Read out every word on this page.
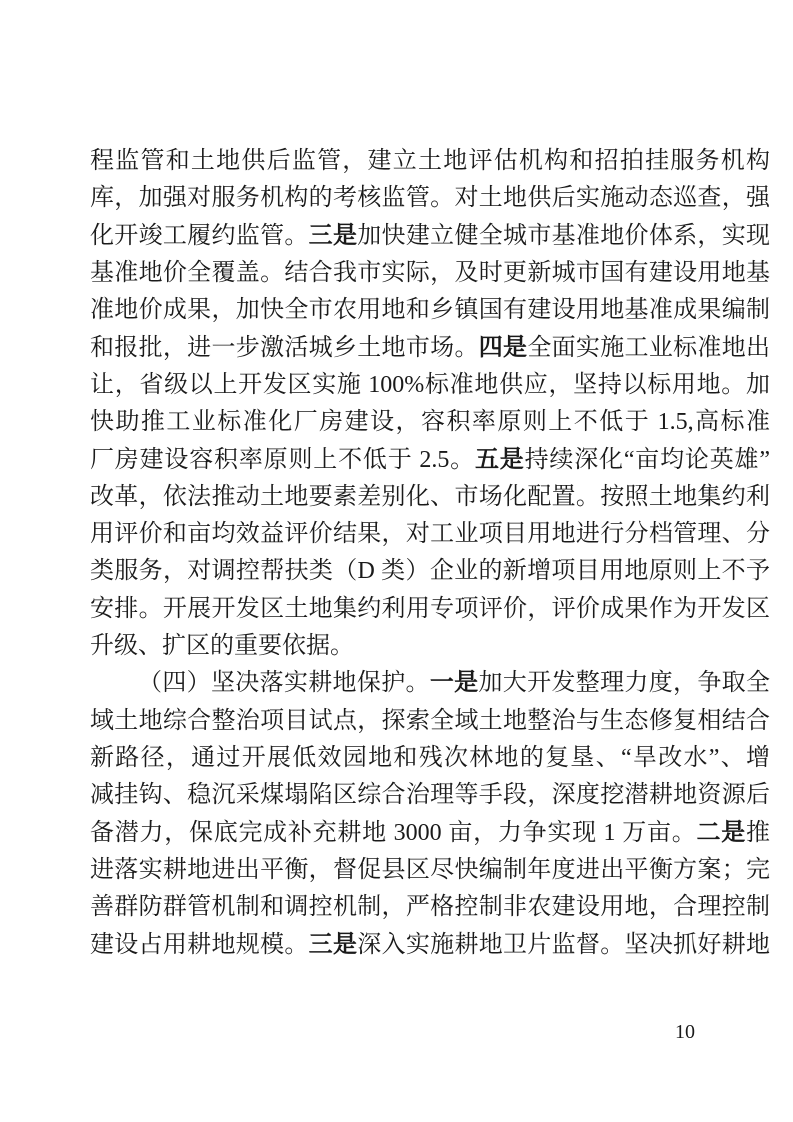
程监管和土地供后监管，建立土地评估机构和招拍挂服务机构
库，加强对服务机构的考核监管。对土地供后实施动态巡查，强
化开竣工履约监管。三是加快建立健全城市基准地价体系，实现
基准地价全覆盖。结合我市实际，及时更新城市国有建设用地基
准地价成果，加快全市农用地和乡镇国有建设用地基准成果编制
和报批，进一步激活城乡土地市场。四是全面实施工业标准地出
让，省级以上开发区实施 100%标准地供应，坚持以标用地。加
快助推工业标准化厂房建设，容积率原则上不低于 1.5,高标准
厂房建设容积率原则上不低于 2.5。五是持续深化“亩均论英雄”
改革，依法推动土地要素差别化、市场化配置。按照土地集约利
用评价和亩均效益评价结果，对工业项目用地进行分档管理、分
类服务，对调控帮扶类（D 类）企业的新增项目用地原则上不予
安排。开展开发区土地集约利用专项评价，评价成果作为开发区
升级、扩区的重要依据。
（四）坚决落实耕地保护。一是加大开发整理力度，争取全
域土地综合整治项目试点，探索全域土地整治与生态修复相结合
新路径，通过开展低效园地和残次林地的复垦、“旱改水”、增
减挂钩、稳沉采煤塌陷区综合治理等手段，深度挖潜耕地资源后
备潜力，保底完成补充耕地 3000 亩，力争实现 1 万亩。二是推
进落实耕地进出平衡，督促县区尽快编制年度进出平衡方案；完
善群防群管机制和调控机制，严格控制非农建设用地，合理控制
建设占用耕地规模。三是深入实施耕地卫片监督。坚决抓好耕地
10
